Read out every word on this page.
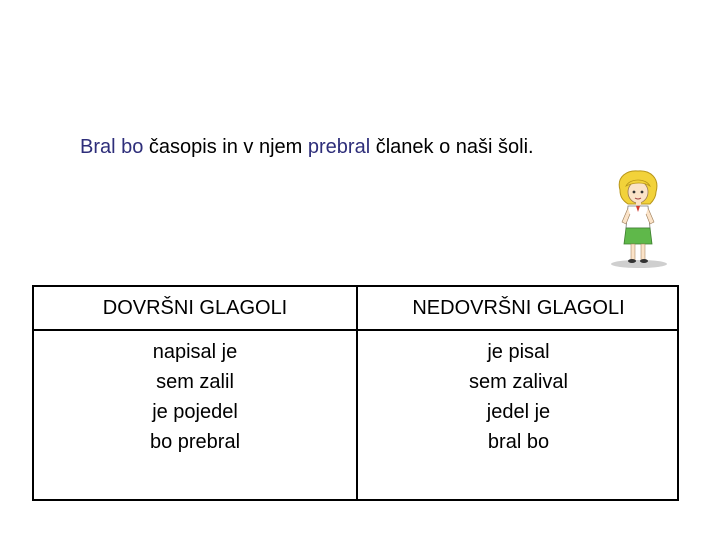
Bral bo časopis in v njem prebral članek o naši šoli.
DOVRŠNI GLAGOLI	NEDOVRŠNI GLAGOLI
napisal je
sem zalil
je pojedel
bo prebral
je pisal
sem zalival
jedel je
bral bo
